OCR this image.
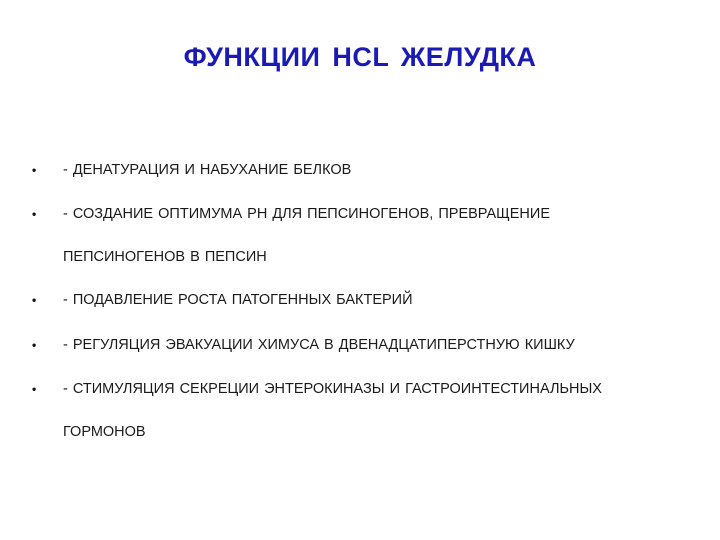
ФУНКЦИИ HCL ЖЕЛУДКА
• - ДЕНАТУРАЦИЯ И НАБУХАНИЕ БЕЛКОВ
• - СОЗДАНИЕ ОПТИМУМА PH ДЛЯ ПЕПСИНОГЕНОВ, ПРЕВРАЩЕНИЕ
ПЕПСИНОГЕНОВ В ПЕПСИН
• - ПОДАВЛЕНИЕ РОСТА ПАТОГЕННЫХ БАКТЕРИЙ
• - РЕГУЛЯЦИЯ ЭВАКУАЦИИ ХИМУСА В ДВЕНАДЦАТИПЕРСТНУЮ КИШКУ
• - СТИМУЛЯЦИЯ СЕКРЕЦИИ ЭНТЕРОКИНАЗЫ И ГАСТРОИНТЕСТИНАЛЬНЫХ
ГОРМОНОВ
